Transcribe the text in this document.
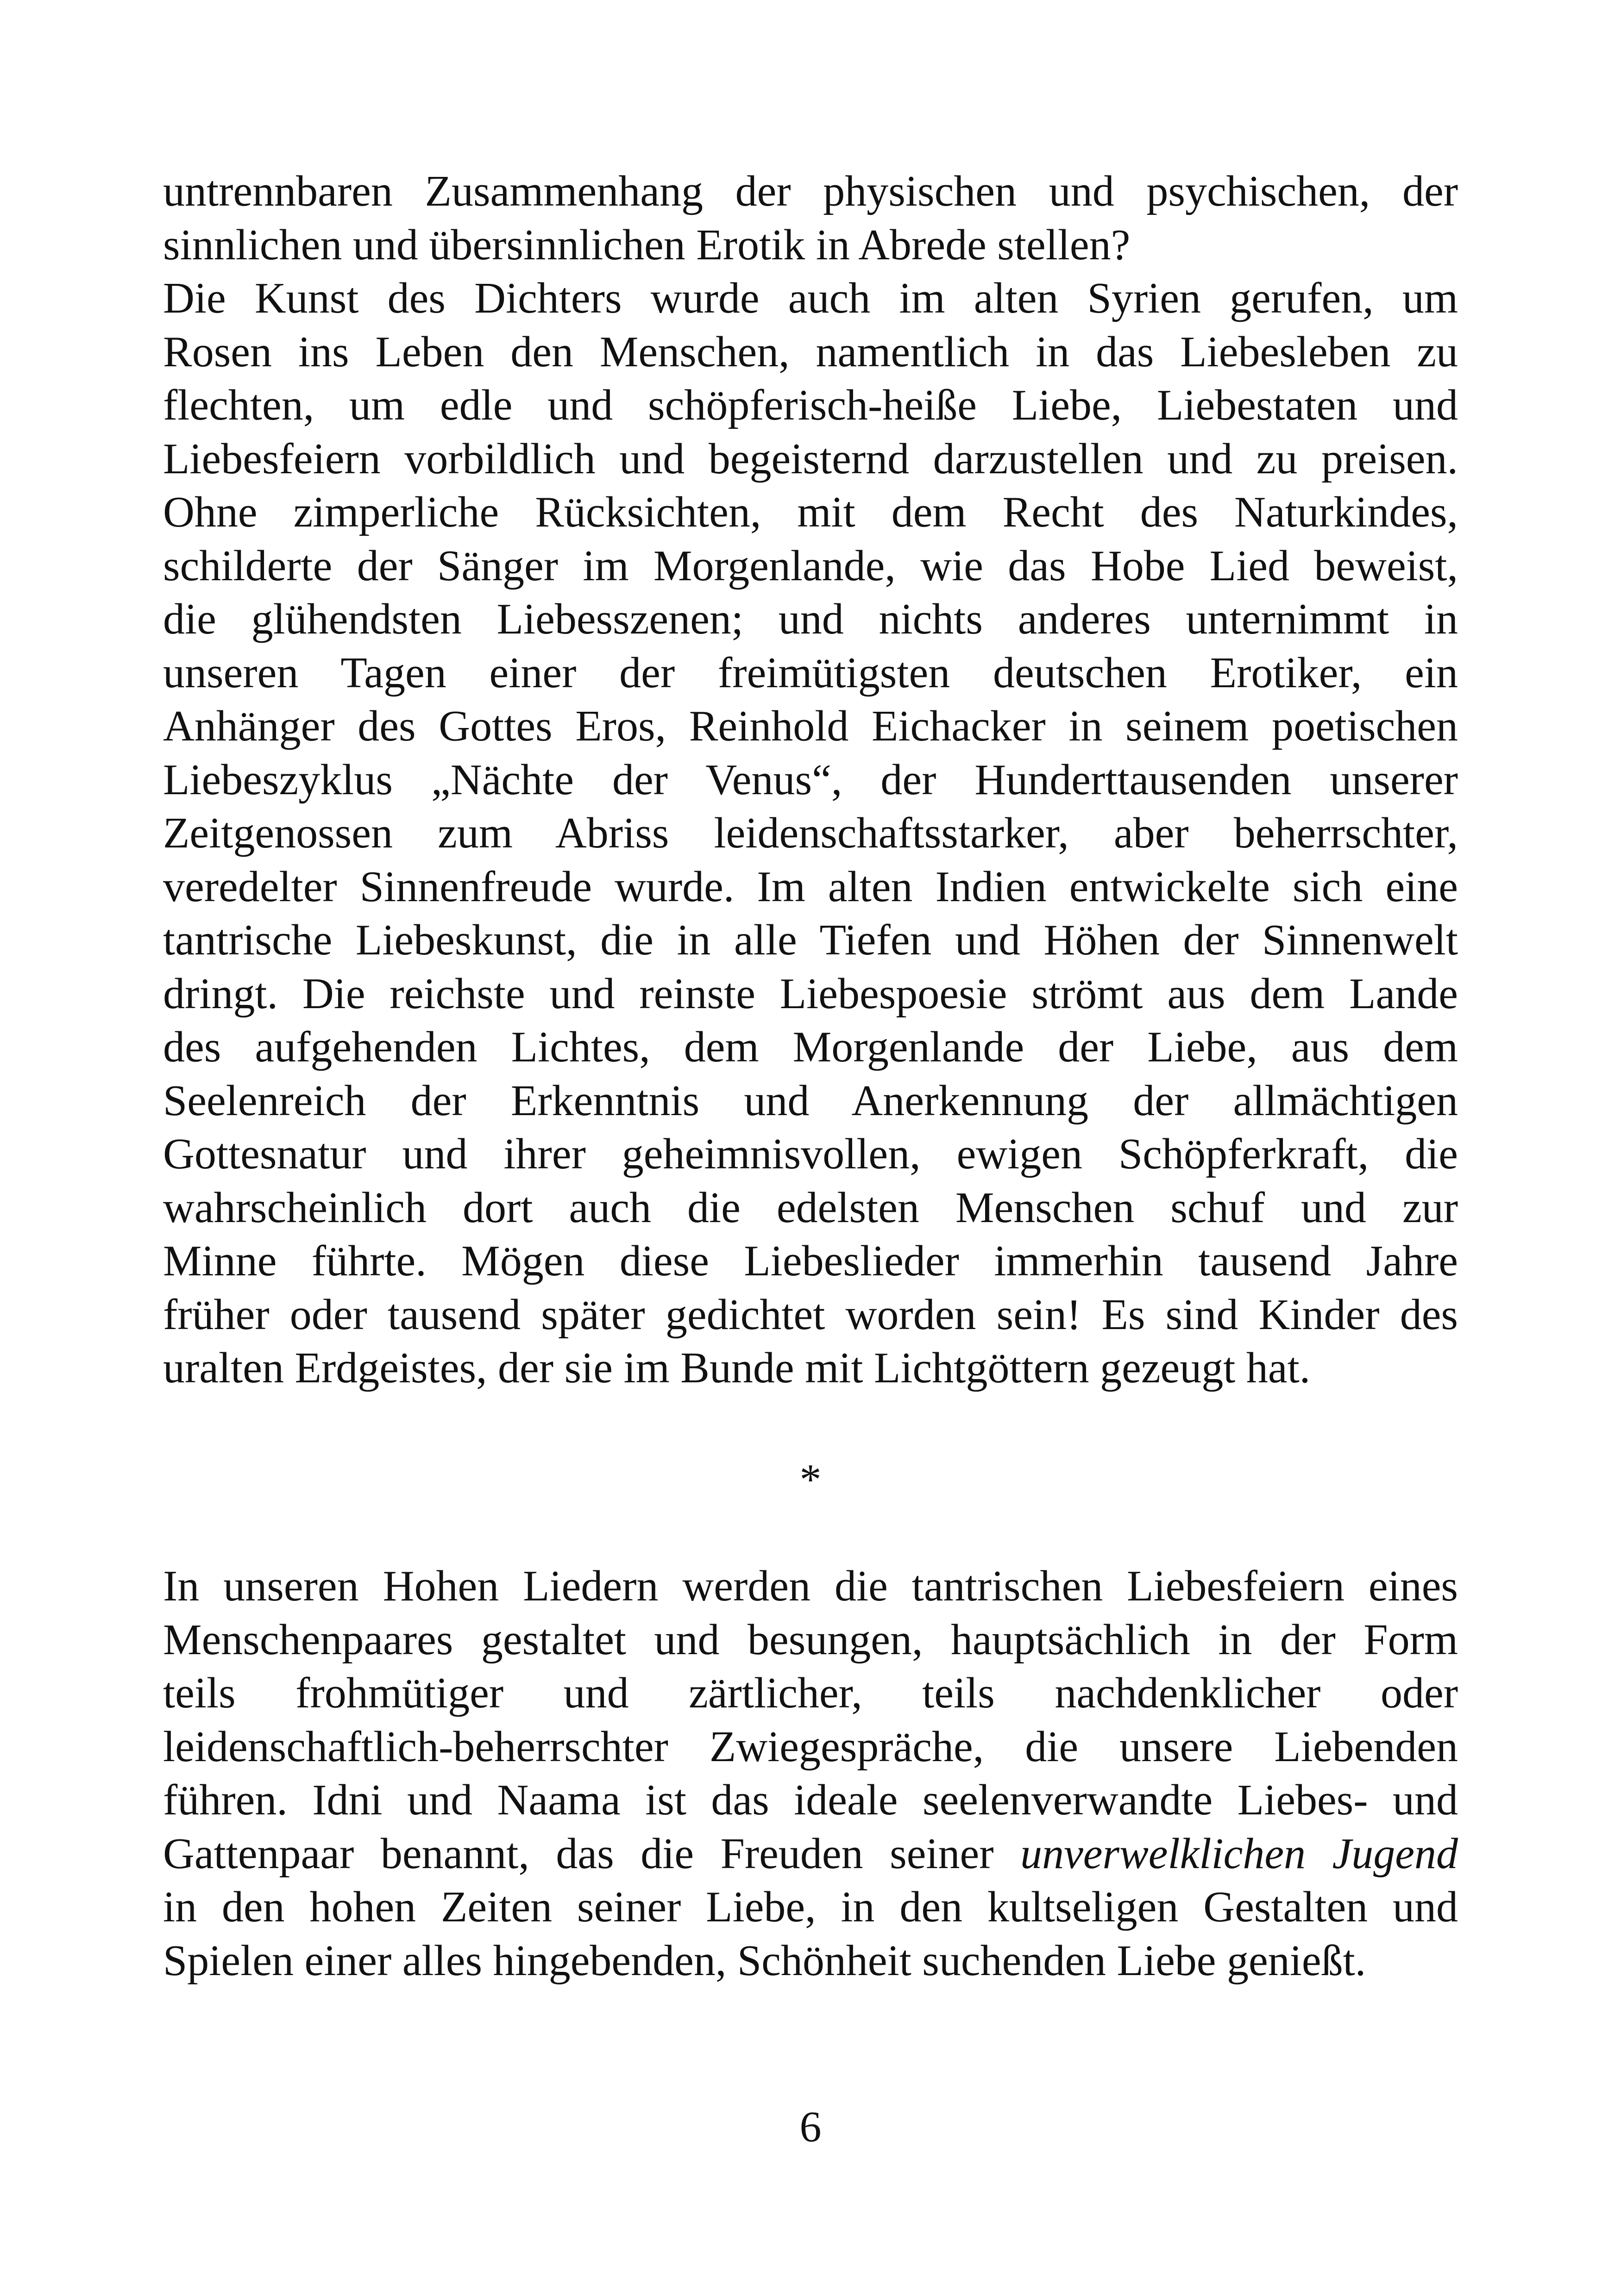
untrennbaren Zusammenhang der physischen und psychischen, der
sinnlichen und übersinnlichen Erotik in Abrede stellen?

Die Kunst des Dichters wurde auch im alten Syrien gerufen, um
Rosen ins Leben den Menschen, namentlich in das Liebesleben zu
flechten, um edle und schöpferisch-heiße Liebe, Liebestaten und
Liebesfeiern vorbildlich und begeisternd darzustellen und zu preisen.
Ohne zimperliche Rücksichten, mit dem Recht des Naturkindes,
schilderte der Sänger im Morgenlande, wie das Hobe Lied beweist,
die glühendsten Liebesszenen; und nichts anderes unternimmt in
unseren Tagen einer der freimütigsten deutschen Erotiker, ein
Anhänger des Gottes Eros, Reinhold Eichacker in seinem poetischen
Liebeszyklus „Nächte der Venus“, der Hunderttausenden unserer
Zeitgenossen zum Abriss leidenschaftsstarker, aber beherrschter,
veredelter Sinnenfreude wurde. Im alten Indien entwickelte sich eine
tantrische Liebeskunst, die in alle Tiefen und Höhen der Sinnenwelt
dringt. Die reichste und reinste Liebespoesie strömt aus dem Lande
des aufgehenden Lichtes, dem Morgenlande der Liebe, aus dem
Seelenreich der Erkenntnis und Anerkennung der allmächtigen
Gottesnatur und ihrer geheimnisvollen, ewigen Schöpferkraft, die
wahrscheinlich dort auch die edelsten Menschen schuf und zur
Minne führte. Mögen diese Liebeslieder immerhin tausend Jahre
früher oder tausend später gedichtet worden sein! Es sind Kinder des
uralten Erdgeistes, der sie im Bunde mit Lichtgöttern gezeugt hat.

*

In unseren Hohen Liedern werden die tantrischen Liebesfeiern eines
Menschenpaares gestaltet und besungen, hauptsächlich in der Form
teils frohmütiger und zärtlicher, teils nachdenklicher oder
leidenschaftlich-beherrschter Zwiegespräche, die unsere Liebenden
führen. Idni und Naama ist das ideale seelenverwandte Liebes- und
Gattenpaar benannt, das die Freuden seiner unverwelklichen Jugend
in den hohen Zeiten seiner Liebe, in den kultseligen Gestalten und
Spielen einer alles hingebenden, Schönheit suchenden Liebe genießt.

6
